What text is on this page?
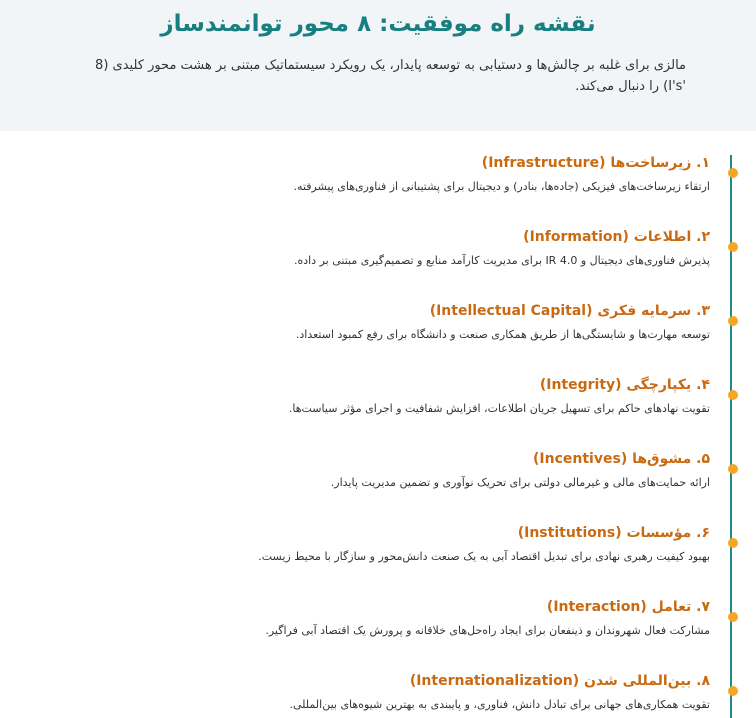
نقشه راه موفقیت: ۸ محور توانمندساز

مالزی برای غلبه بر چالش‌ها و دستیابی به توسعه پایدار، یک رویکرد سیستماتیک مبتنی بر هشت محور کلیدی (8 'I's) را دنبال می‌کند.

۱. زیرساخت‌ها (Infrastructure)

ارتقاء زیرساخت‌های فیزیکی (جاده‌ها، بنادر) و دیجیتال برای پشتیبانی از فناوری‌های پیشرفته.

۲. اطلاعات (Information)

پذیرش فناوری‌های دیجیتال و IR 4.0 برای مدیریت کارآمد منابع و تصمیم‌گیری مبتنی بر داده.

۳. سرمایه فکری (Intellectual Capital)

توسعه مهارت‌ها و شایستگی‌ها از طریق همکاری صنعت و دانشگاه برای رفع کمبود استعداد.

۴. یکپارچگی (Integrity)

تقویت نهادهای حاکم برای تسهیل جریان اطلاعات، افزایش شفافیت و اجرای مؤثر سیاست‌ها.

۵. مشوق‌ها (Incentives)

ارائه حمایت‌های مالی و غیرمالی دولتی برای تحریک نوآوری و تضمین مدیریت پایدار.

۶. مؤسسات (Institutions)

بهبود کیفیت رهبری نهادی برای تبدیل اقتصاد آبی به یک صنعت دانش‌محور و سازگار با محیط زیست.

۷. تعامل (Interaction)

مشارکت فعال شهروندان و ذینفعان برای ایجاد راه‌حل‌های خلاقانه و پرورش یک اقتصاد آبی فراگیر.

۸. بین‌المللی شدن (Internationalization)

تقویت همکاری‌های جهانی برای تبادل دانش، فناوری، و پایبندی به بهترین شیوه‌های بین‌المللی.
